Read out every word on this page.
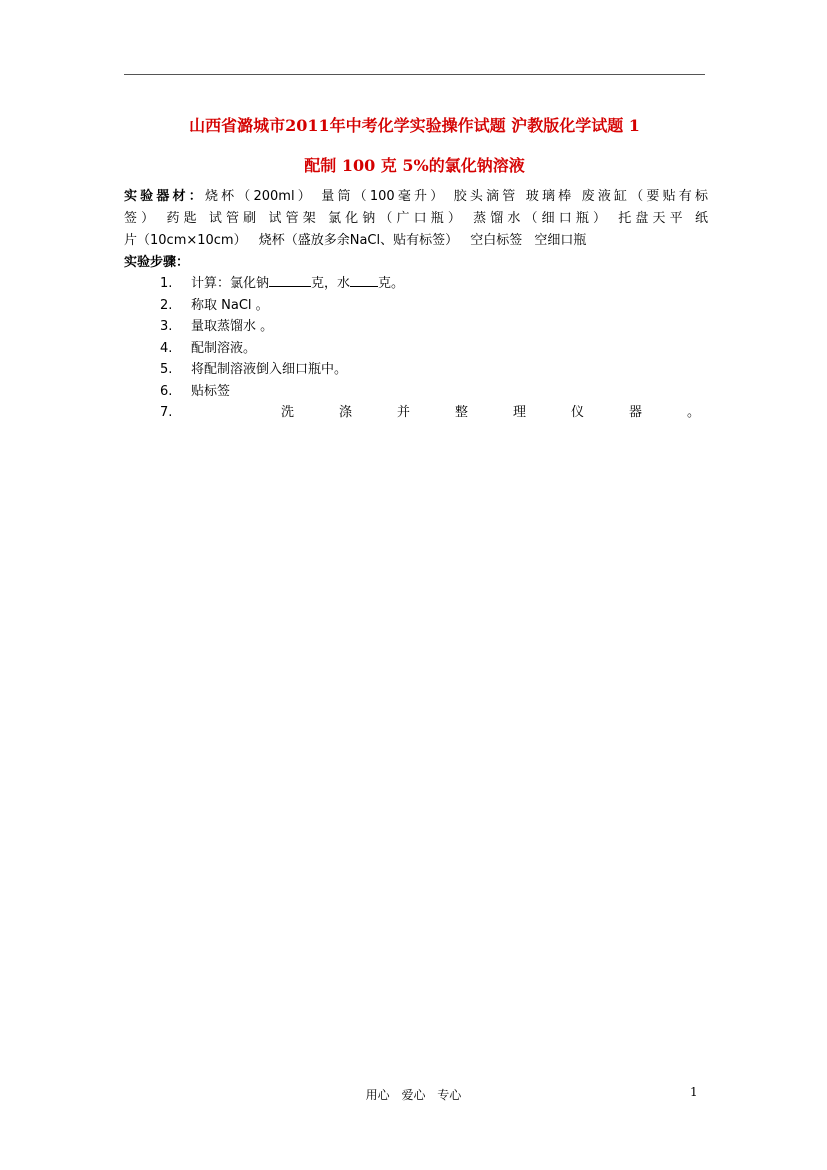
山西省潞城市2011年中考化学实验操作试题 沪教版化学试题 1
配制 100 克 5%的氯化钠溶液
实验器材：烧杯（200ml） 量筒（100毫升） 胶头滴管 玻璃棒 废液缸（要贴有标
签） 药匙 试管刷 试管架 氯化钠（广口瓶） 蒸馏水（细口瓶） 托盘天平 纸
片（10cm×10cm） 烧杯（盛放多余NaCl、贴有标签） 空白标签 空细口瓶
实验步骤：
1. 计算：氯化钠	克，水 克。
2. 称取 NaCl 。
3. 量取蒸馏水 。
4. 配制溶液。
5. 将配制溶液倒入细口瓶中。
6. 贴标签
7.	洗	涤	并	整	理	仪	器	。
用心 爱心 专心	1
